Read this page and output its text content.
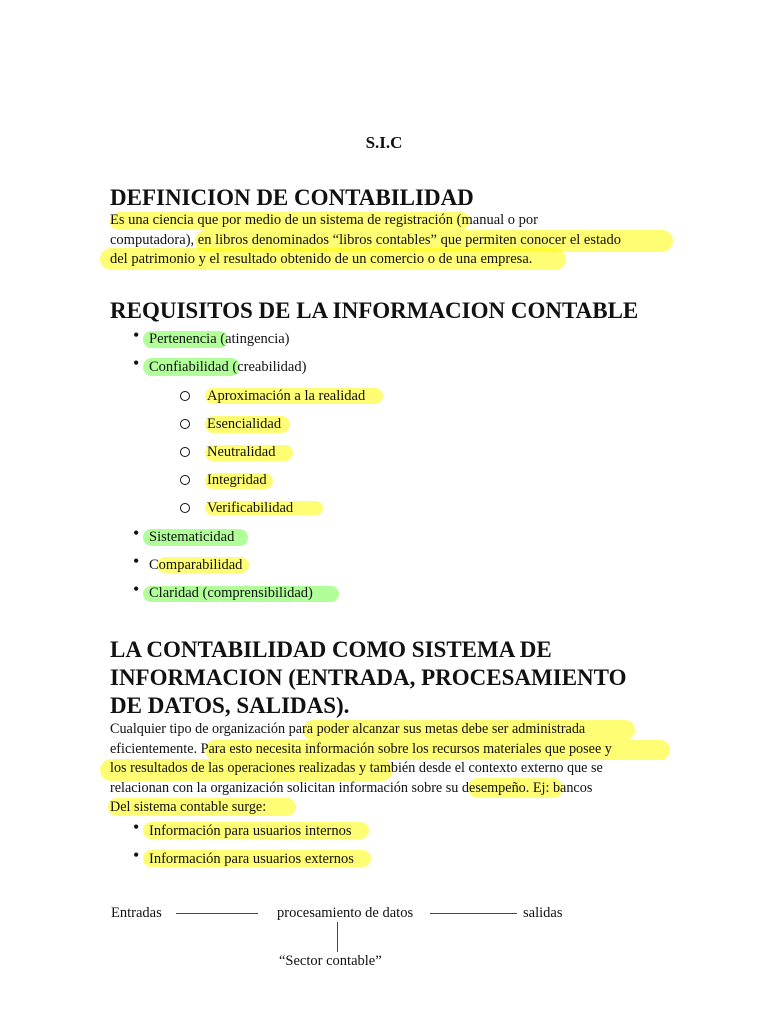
S.I.C
DEFINICION DE CONTABILIDAD
Es una ciencia que por medio de un sistema de registración (manual o por
computadora), en libros denominados “libros contables” que permiten conocer el estado
del patrimonio y el resultado obtenido de un comercio o de una empresa.
REQUISITOS DE LA INFORMACION CONTABLE
• Pertenencia (atingencia)
• Confiabilidad (creabilidad)
Aproximación a la realidad
Esencialidad
Neutralidad
Integridad
Verificabilidad
• Sistematicidad
• Comparabilidad
• Claridad (comprensibilidad)
LA CONTABILIDAD COMO SISTEMA DE
INFORMACION (ENTRADA, PROCESAMIENTO
DE DATOS, SALIDAS).
Cualquier tipo de organización para poder alcanzar sus metas debe ser administrada
eficientemente. Para esto necesita información sobre los recursos materiales que posee y
los resultados de las operaciones realizadas y también desde el contexto externo que se
relacionan con la organización solicitan información sobre su desempeño. Ej: bancos
Del sistema contable surge:
• Información para usuarios internos
• Información para usuarios externos
Entradas	procesamiento de datos	salidas
“Sector contable”
